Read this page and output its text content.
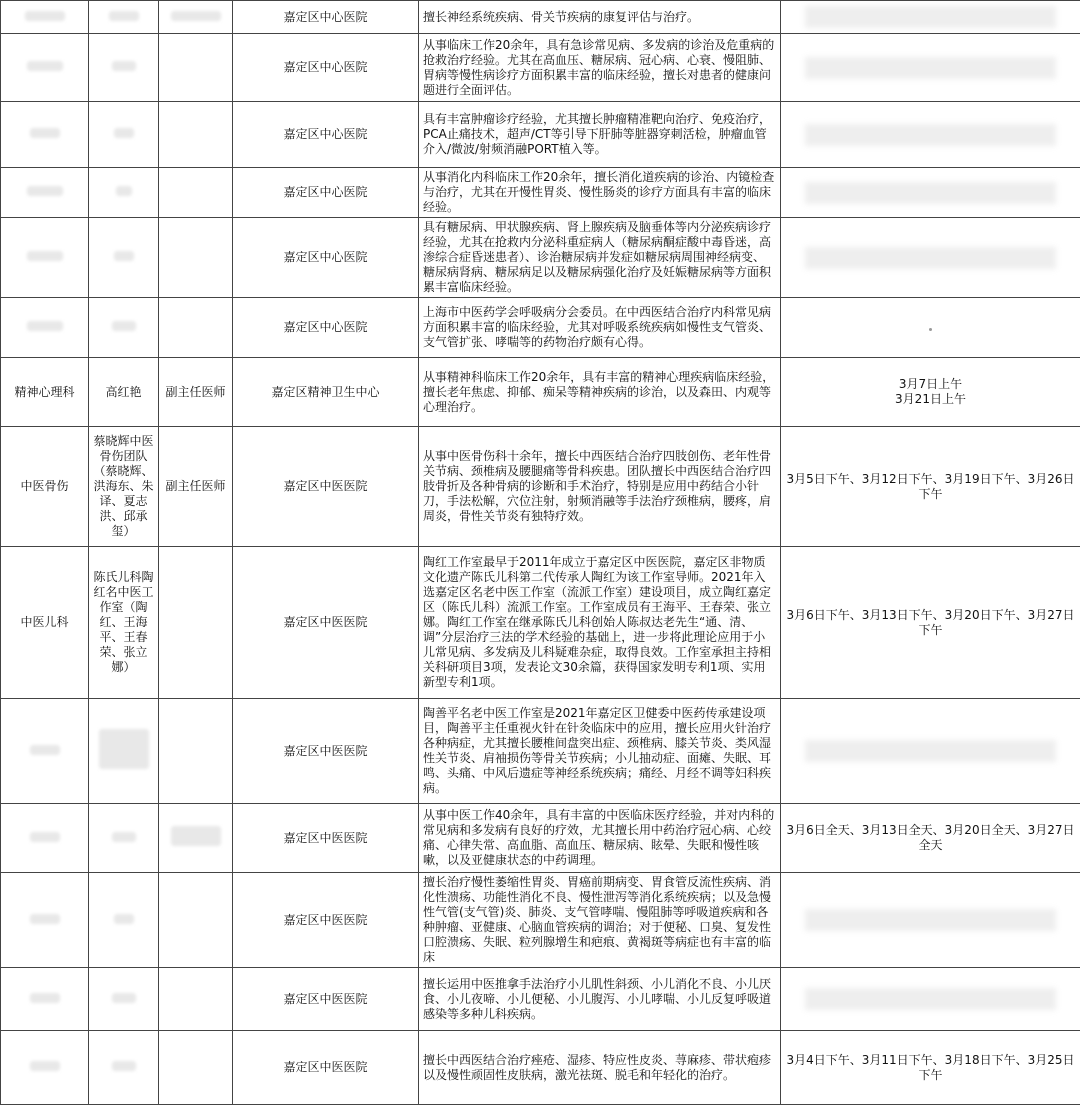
			嘉定区中心医院	擅长神经系统疾病、骨关节疾病的康复评估与治疗。	

			嘉定区中心医院	从事临床工作20余年，具有急诊常见病、多发病的诊治及危重病的抢救治疗经验。尤其在高血压、糖尿病、冠心病、心衰、慢阻肺、胃病等慢性病诊疗方面积累丰富的临床经验，擅长对患者的健康问题进行全面评估。	

			嘉定区中心医院	具有丰富肿瘤诊疗经验，尤其擅长肿瘤精准靶向治疗、免疫治疗，PCA止痛技术，超声/CT等引导下肝肺等脏器穿刺活检，肿瘤血管介入/微波/射频消融PORT植入等。	

			嘉定区中心医院	从事消化内科临床工作20余年，擅长消化道疾病的诊治、内镜检查与治疗，尤其在开慢性胃炎、慢性肠炎的诊疗方面具有丰富的临床经验。	

			嘉定区中心医院	具有糖尿病、甲状腺疾病、肾上腺疾病及脑垂体等内分泌疾病诊疗经验，尤其在抢救内分泌科重症病人（糖尿病酮症酸中毒昏迷，高渗综合症昏迷患者）、诊治糖尿病并发症如糖尿病周围神经病变、糖尿病肾病、糖尿病足以及糖尿病强化治疗及妊娠糖尿病等方面积累丰富临床经验。	

			嘉定区中心医院	上海市中医药学会呼吸病分会委员。在中西医结合治疗内科常见病方面积累丰富的临床经验，尤其对呼吸系统疾病如慢性支气管炎、支气管扩张、哮喘等的药物治疗颇有心得。	
精神心理科	高红艳	副主任医师	嘉定区精神卫生中心	从事精神科临床工作20余年，具有丰富的精神心理疾病临床经验，擅长老年焦虑、抑郁、痴呆等精神疾病的诊治，以及森田、内观等心理治疗。	3月7日上午
3月21日上午
中医骨伤	蔡晓辉中医骨伤团队（蔡晓辉、洪海东、朱译、夏志洪、邱承玺）	副主任医师	嘉定区中医医院	从事中医骨伤科十余年，擅长中西医结合治疗四肢创伤、老年性骨关节病、颈椎病及腰腿痛等骨科疾患。团队擅长中西医结合治疗四肢骨折及各种骨病的诊断和手术治疗，特别是应用中药结合小针刀，手法松解，穴位注射，射频消融等手法治疗颈椎病，腰疼，肩周炎，骨性关节炎有独特疗效。	3月5日下午、3月12日下午、3月19日下午、3月26日下午
中医儿科	陈氏儿科陶红名中医工作室（陶红、王海平、王春荣、张立娜）		嘉定区中医医院	陶红工作室最早于2011年成立于嘉定区中医医院，嘉定区非物质文化遗产陈氏儿科第二代传承人陶红为该工作室导师。2021年入选嘉定区名老中医工作室（流派工作室）建设项目，成立陶红嘉定区（陈氏儿科）流派工作室。工作室成员有王海平、王春荣、张立娜。陶红工作室在继承陈氏儿科创始人陈叔达老先生“通、清、调”分层治疗三法的学术经验的基础上，进一步将此理论应用于小儿常见病、多发病及儿科疑难杂症，取得良效。工作室承担主持相关科研项目3项，发表论文30余篇，获得国家发明专利1项、实用新型专利1项。	3月6日下午、3月13日下午、3月20日下午、3月27日下午
			嘉定区中医医院	陶善平名老中医工作室是2021年嘉定区卫健委中医药传承建设项目，陶善平主任重视火针在针灸临床中的应用，擅长应用火针治疗各种病症，尤其擅长腰椎间盘突出症、颈椎病、膝关节炎、类风湿性关节炎、肩袖损伤等骨关节疾病；小儿抽动症、面瘫、失眠、耳鸣、头痛、中风后遗症等神经系统疾病；痛经、月经不调等妇科疾病。	

			嘉定区中医医院	从事中医工作40余年，具有丰富的中医临床医疗经验，并对内科的常见病和多发病有良好的疗效，尤其擅长用中药治疗冠心病、心绞痛、心律失常、高血脂、高血压、糖尿病、眩晕、失眠和慢性咳嗽，以及亚健康状态的中药调理。	3月6日全天、3月13日全天、3月20日全天、3月27日全天
			嘉定区中医医院	擅长治疗慢性萎缩性胃炎、胃癌前期病变、胃食管反流性疾病、消化性溃疡、功能性消化不良、慢性泄泻等消化系统疾病；以及急慢性气管(支气管)炎、肺炎、支气管哮喘、慢阻肺等呼吸道疾病和各种肿瘤、亚健康、心脑血管疾病的调治；对于便秘、口臭、复发性口腔溃疡、失眠、粒列腺增生和疤痕、黄褐斑等病症也有丰富的临床	

			嘉定区中医医院	擅长运用中医推拿手法治疗小儿肌性斜颈、小儿消化不良、小儿厌食、小儿夜啼、小儿便秘、小儿腹泻、小儿哮喘、小儿反复呼吸道感染等多种儿科疾病。	

			嘉定区中医医院	擅长中西医结合治疗痤疮、湿疹、特应性皮炎、荨麻疹、带状疱疹以及慢性顽固性皮肤病，激光祛斑、脱毛和年轻化的治疗。	3月4日下午、3月11日下午、3月18日下午、3月25日下午
